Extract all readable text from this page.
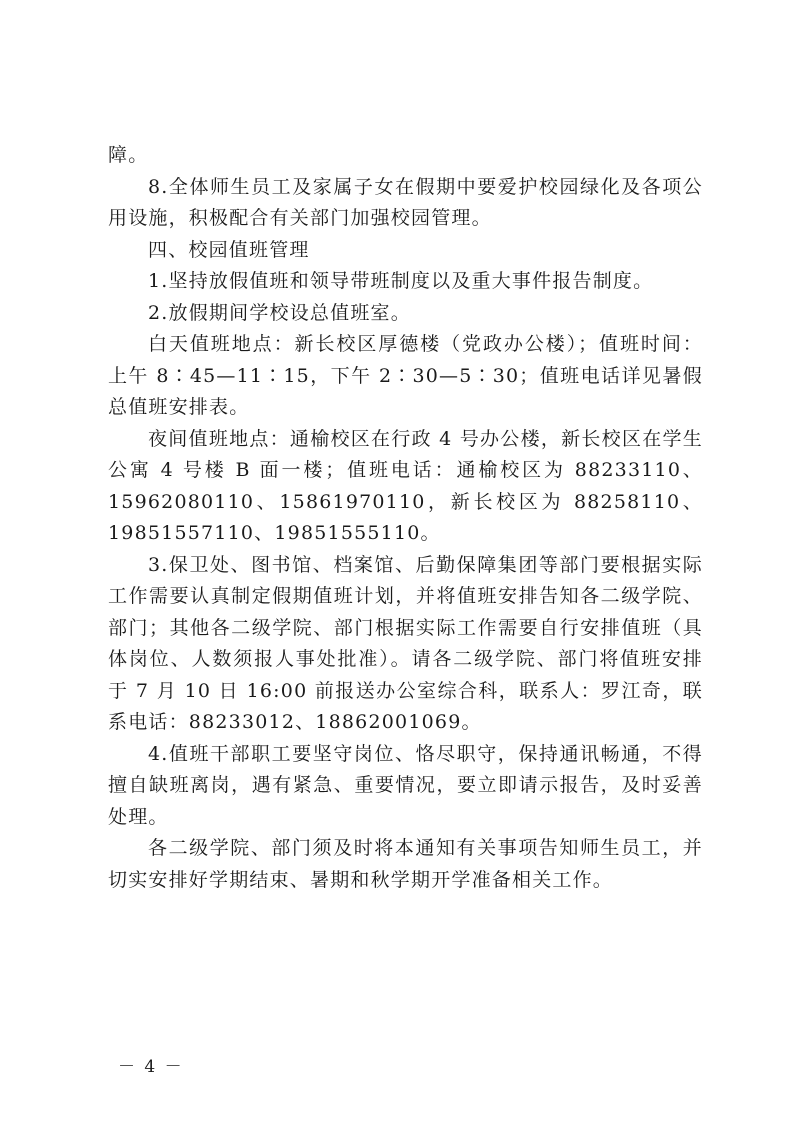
障。

8.全体师生员工及家属子女在假期中要爱护校园绿化及各项公用设施，积极配合有关部门加强校园管理。

四、校园值班管理

1.坚持放假值班和领导带班制度以及重大事件报告制度。

2.放假期间学校设总值班室。

白天值班地点：新长校区厚德楼（党政办公楼）；值班时间：上午 8∶45—11∶15，下午 2∶30—5∶30；值班电话详见暑假总值班安排表。

夜间值班地点：通榆校区在行政 4 号办公楼，新长校区在学生公寓 4 号楼 B 面一楼；值班电话：通榆校区为 88233110、15962080110、15861970110，新长校区为 88258110、19851557110、19851555110。

3.保卫处、图书馆、档案馆、后勤保障集团等部门要根据实际工作需要认真制定假期值班计划，并将值班安排告知各二级学院、部门；其他各二级学院、部门根据实际工作需要自行安排值班（具体岗位、人数须报人事处批准）。请各二级学院、部门将值班安排于 7 月 10 日 16:00 前报送办公室综合科，联系人：罗江奇，联系电话：88233012、18862001069。

4.值班干部职工要坚守岗位、恪尽职守，保持通讯畅通，不得擅自缺班离岗，遇有紧急、重要情况，要立即请示报告，及时妥善处理。

各二级学院、部门须及时将本通知有关事项告知师生员工，并切实安排好学期结束、暑期和秋学期开学准备相关工作。

－ 4 －
